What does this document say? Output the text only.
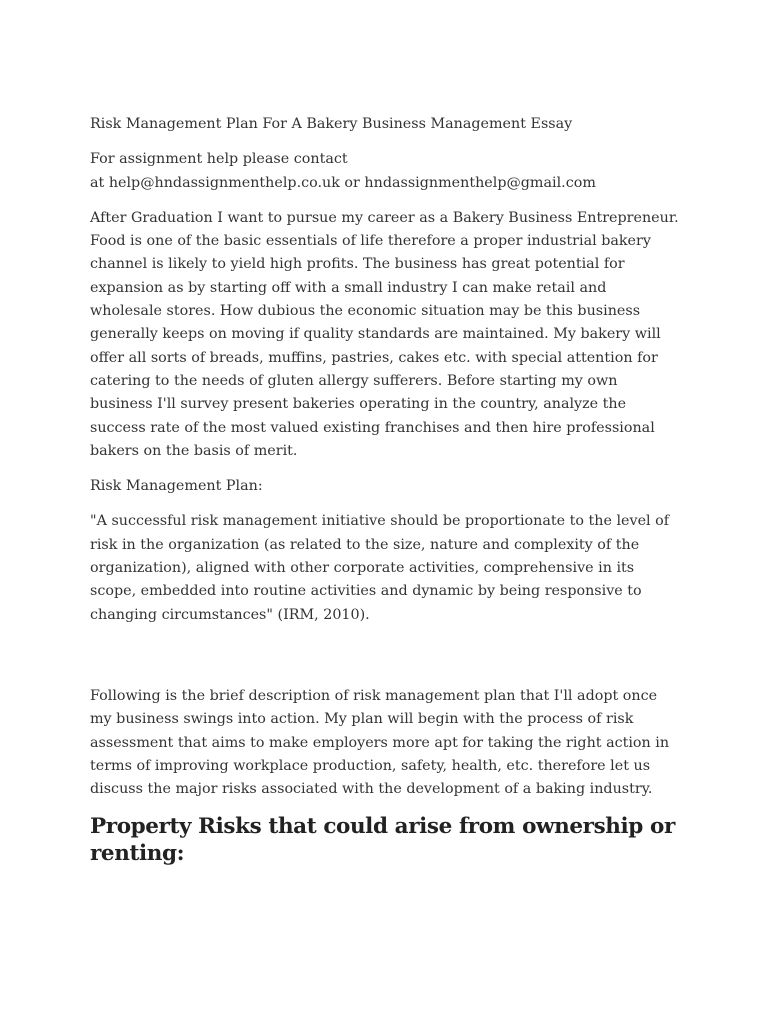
Risk Management Plan For A Bakery Business Management Essay

For assignment help please contact
at help@hndassignmenthelp.co.uk or hndassignmenthelp@gmail.com

After Graduation I want to pursue my career as a Bakery Business Entrepreneur. Food is one of the basic essentials of life therefore a proper industrial bakery channel is likely to yield high profits. The business has great potential for expansion as by starting off with a small industry I can make retail and wholesale stores. How dubious the economic situation may be this business generally keeps on moving if quality standards are maintained. My bakery will offer all sorts of breads, muffins, pastries, cakes etc. with special attention for catering to the needs of gluten allergy sufferers. Before starting my own business I'll survey present bakeries operating in the country, analyze the success rate of the most valued existing franchises and then hire professional bakers on the basis of merit.

Risk Management Plan:

"A successful risk management initiative should be proportionate to the level of risk in the organization (as related to the size, nature and complexity of the organization), aligned with other corporate activities, comprehensive in its scope, embedded into routine activities and dynamic by being responsive to changing circumstances" (IRM, 2010).

Following is the brief description of risk management plan that I'll adopt once my business swings into action. My plan will begin with the process of risk assessment that aims to make employers more apt for taking the right action in terms of improving workplace production, safety, health, etc. therefore let us discuss the major risks associated with the development of a baking industry.

Property Risks that could arise from ownership or renting:
